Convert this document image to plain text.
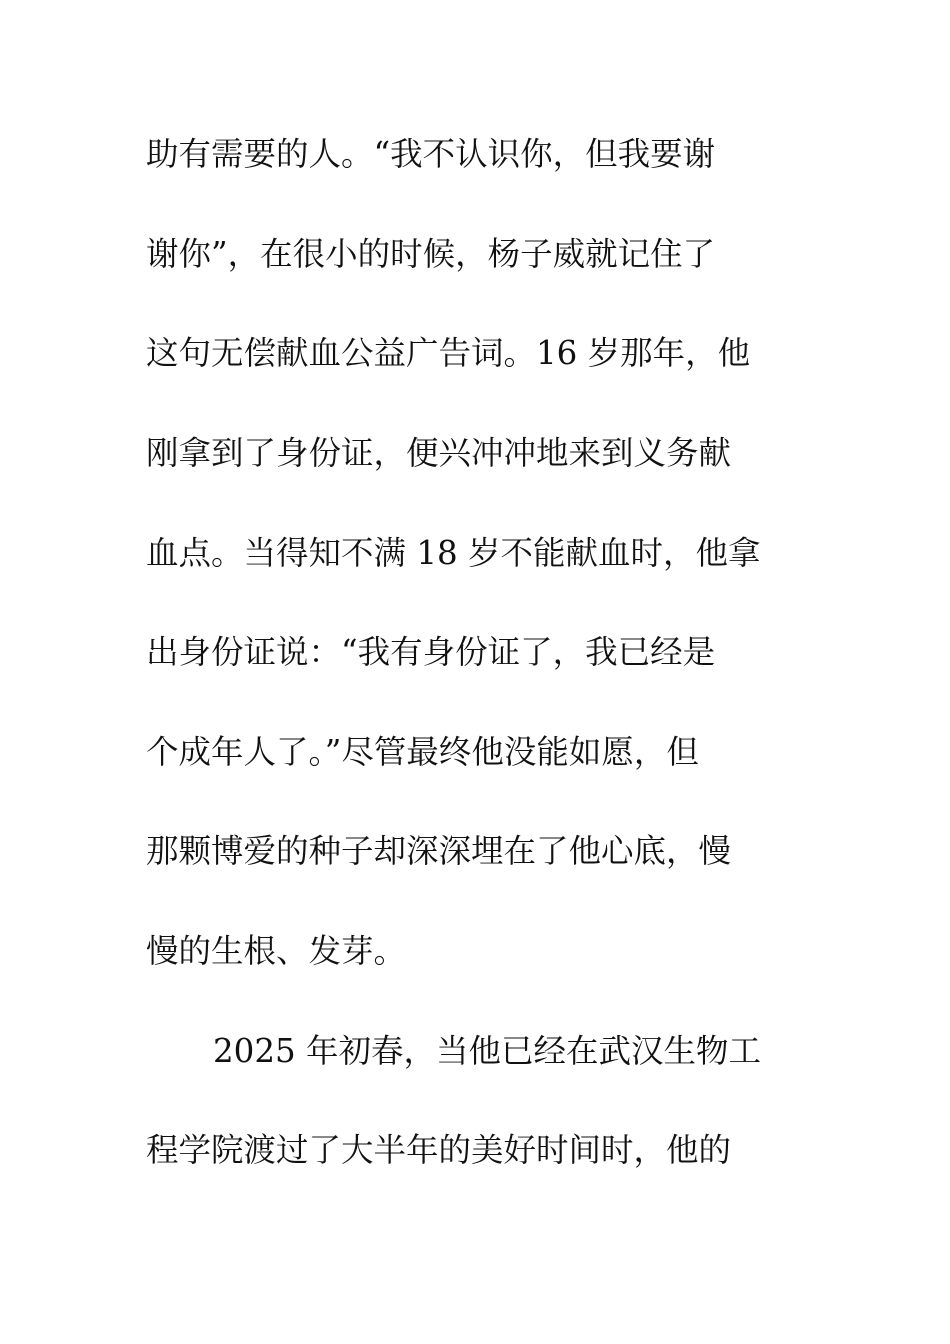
助有需要的人。“我不认识你，但我要谢
谢你”，在很小的时候，杨子威就记住了
这句无偿献血公益广告词。16 岁那年，他
刚拿到了身份证，便兴冲冲地来到义务献
血点。当得知不满 18 岁不能献血时，他拿
出身份证说：“我有身份证了，我已经是
个成年人了。”尽管最终他没能如愿，但
那颗博爱的种子却深深埋在了他心底，慢
慢的生根、发芽。
2025 年初春，当他已经在武汉生物工
程学院渡过了大半年的美好时间时，他的
